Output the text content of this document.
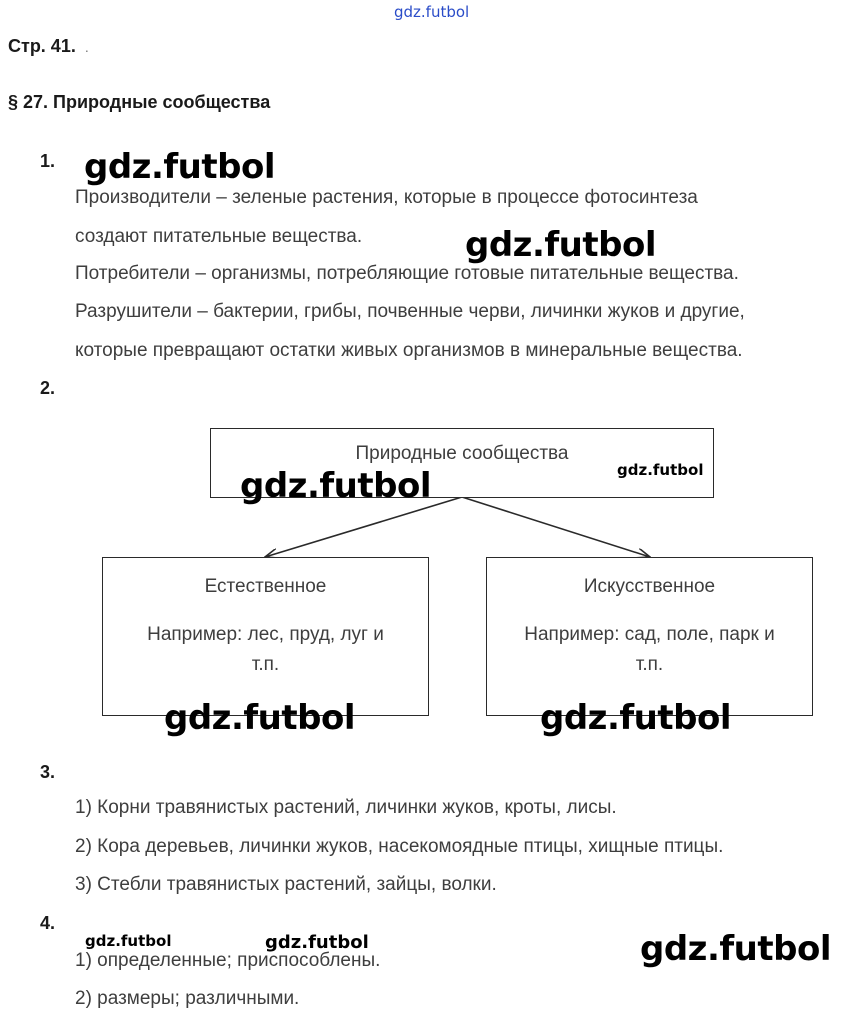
gdz.futbol
Стр. 41. .
§ 27. Природные сообщества
1. gdz.futbol
Производители – зеленые растения, которые в процессе фотосинтеза
создают питательные вещества.	gdz.futbol
Потребители – организмы, потребляющие готовые питательные вещества.
Разрушители – бактерии, грибы, почвенные черви, личинки жуков и другие,
которые превращают остатки живых организмов в минеральные вещества.
2.
Природные сообщества
Естественное
Например: лес, пруд, луг и
т.п.
Искусственное
Например: сад, поле, парк и
т.п.
gdz.futbol
gdz.futbol
gdz.futbol	gdz.futbol
3.
1) Корни травянистых растений, личинки жуков, кроты, лисы.
2) Кора деревьев, личинки жуков, насекомоядные птицы, хищные птицы.
3) Стебли травянистых растений, зайцы, волки.
4.
gdz.futbol	gdz.futbol	gdz.futbol
1) определенные; приспособлены.
2) размеры; различными.
